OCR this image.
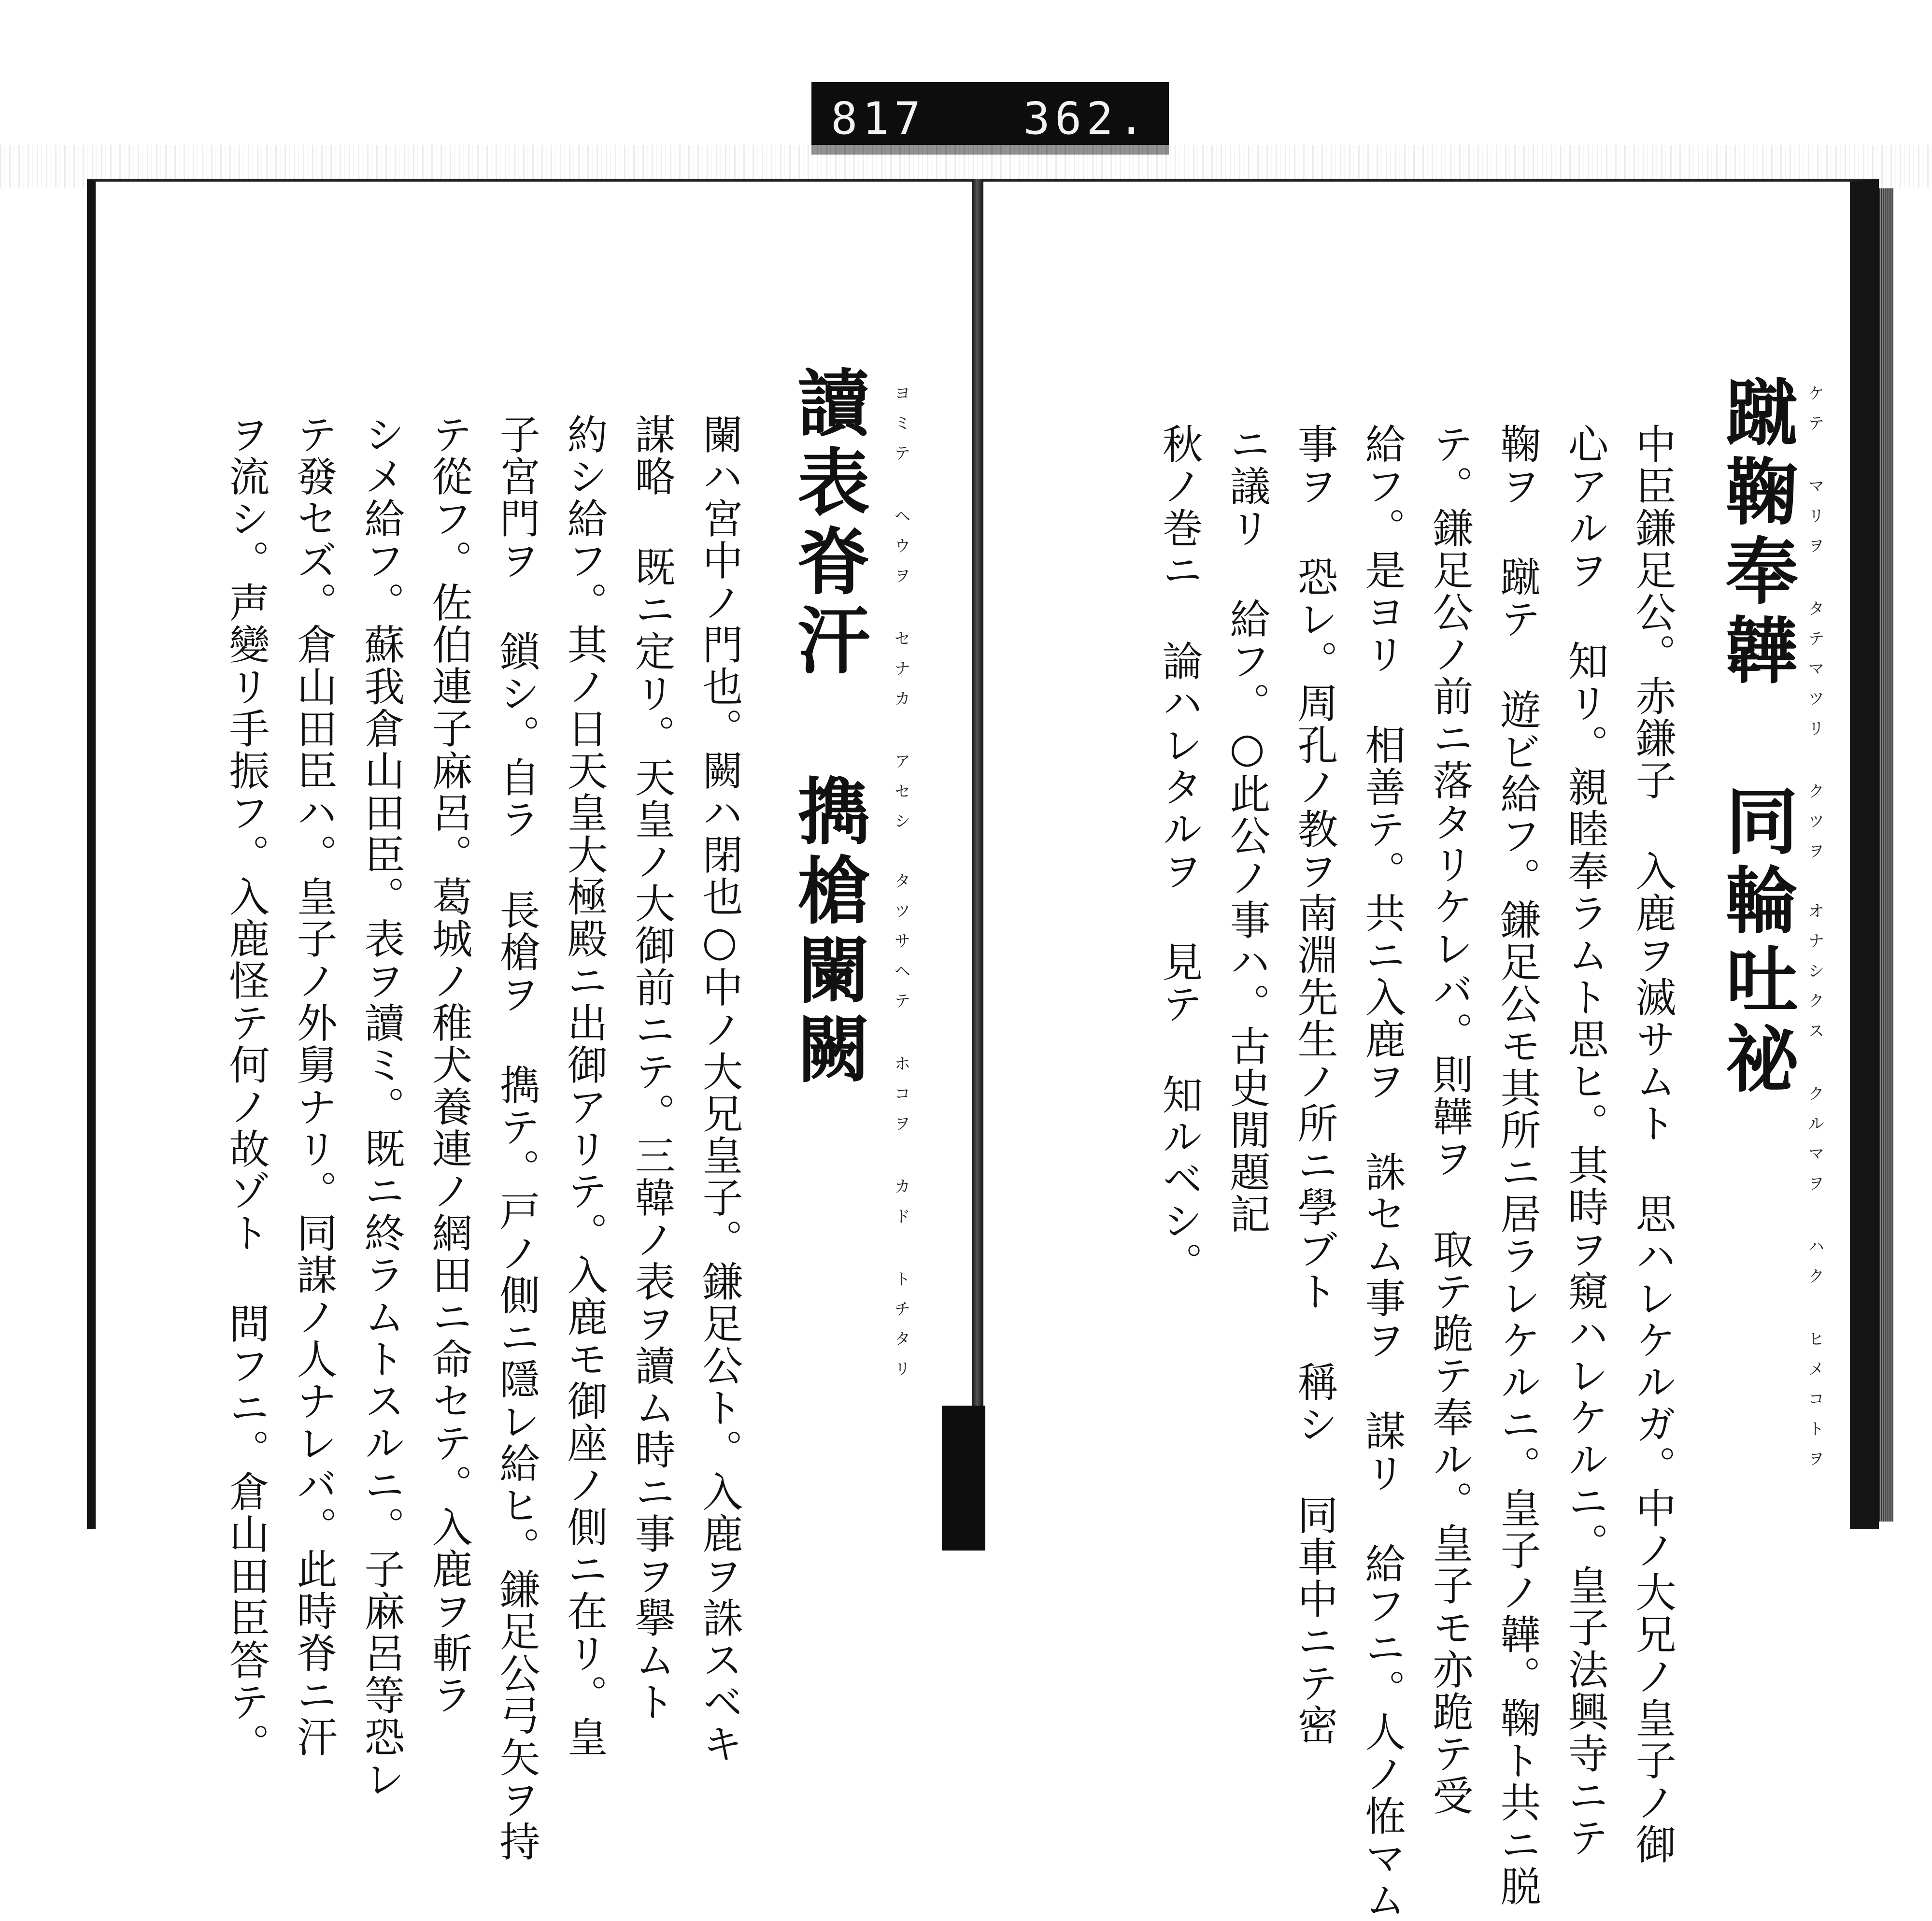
817 362.
讀表脊汗 擕槍闌闕 ヨミテ ヘウヲ セナカ アセシ　タツサヘテ ホコヲ カド トチタリ
闌ハ宮中ノ門也。闕ハ閉也○中ノ大兄皇子。鎌足公ト。入鹿ヲ誅スベキ
謀略 既ニ定リ。天皇ノ大御前ニテ。三韓ノ表ヲ讀ム時ニ事ヲ擧ムト
約シ給フ。其ノ日天皇大極殿ニ出御アリテ。入鹿モ御座ノ側ニ在リ。皇
子宮門ヲ 鎖シ。自ラ 長槍ヲ 擕テ。戸ノ側ニ隱レ給ヒ。鎌足公弓矢ヲ持
テ從フ。佐伯連子麻呂。葛城ノ稚犬養連ノ網田ニ命セテ。入鹿ヲ斬ラ
シメ給フ。蘇我倉山田臣。表ヲ讀ミ。既ニ終ラムトスルニ。子麻呂等恐レ
テ發セズ。倉山田臣ハ。皇子ノ外舅ナリ。同謀ノ人ナレバ。此時脊ニ汗
ヲ流シ。声變リ手振フ。入鹿怪テ何ノ故ゾト 問フニ。倉山田臣答テ。	蹴鞠奉韡 同輪吐祕 ケテ マリヲ タテマツリ クツヲ　オナシクス クルマヲ ハク ヒメコトヲ
中臣鎌足公。赤鎌子 入鹿ヲ滅サムト 思ハレケルガ。中ノ大兄ノ皇子ノ御
心アルヲ 知リ。親睦奉ラムト思ヒ。其時ヲ窺ハレケルニ。皇子法興寺ニテ
鞠ヲ 蹴テ 遊ビ給フ。鎌足公モ其所ニ居ラレケルニ。皇子ノ韡。鞠ト共ニ脱
テ。鎌足公ノ前ニ落タリケレバ。則韡ヲ 取テ跪テ奉ル。皇子モ亦跪テ受
給フ。是ヨリ 相善テ。共ニ入鹿ヲ 誅セム事ヲ 謀リ 給フニ。人ノ恠マム
事ヲ 恐レ。周孔ノ教ヲ南淵先生ノ所ニ學ブト 稱シ 同車中ニテ密
ニ議リ 給フ。○此公ノ事ハ。古史閒題記
秋ノ巻ニ 論ハレタルヲ 見テ 知ルベシ。
